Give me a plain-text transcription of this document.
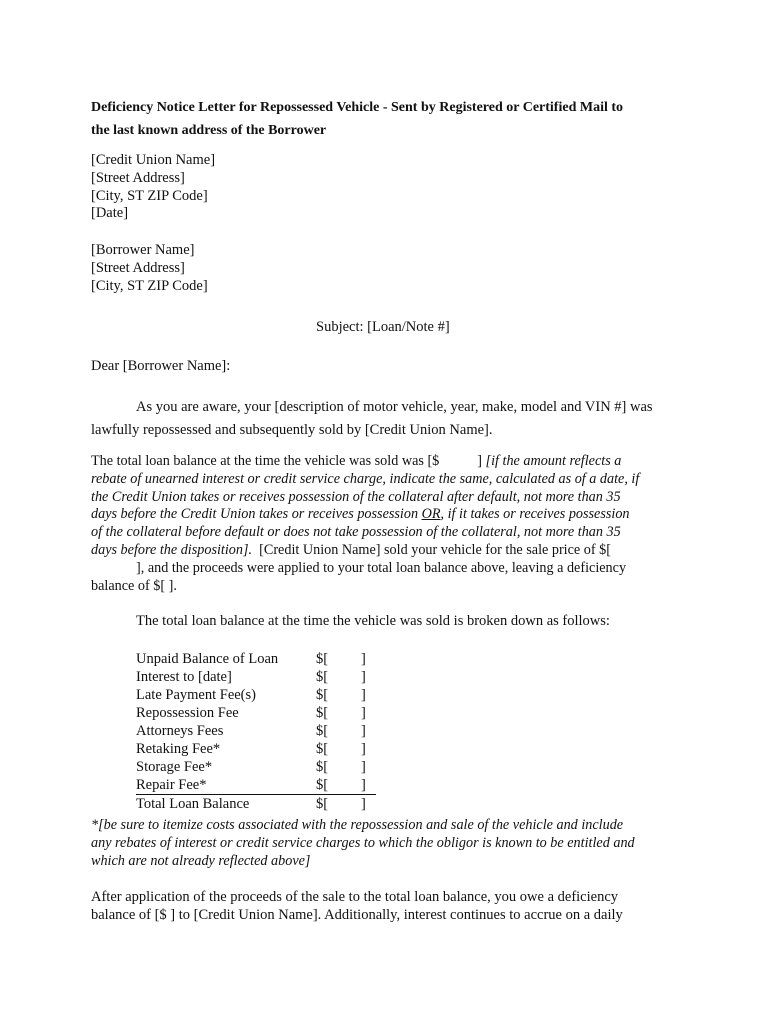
Deficiency Notice Letter for Repossessed Vehicle - Sent by Registered or Certified Mail to
the last known address of the Borrower
[Credit Union Name]
[Street Address]
[City, ST ZIP Code]
[Date]
[Borrower Name]
[Street Address]
[City, ST ZIP Code]
Subject: [Loan/Note #]
Dear [Borrower Name]:
As you are aware, your [description of motor vehicle, year, make, model and VIN #] was
lawfully repossessed and subsequently sold by [Credit Union Name].
The total loan balance at the time the vehicle was sold was [$	] [if the amount reflects a
rebate of unearned interest or credit service charge, indicate the same, calculated as of a date, if
the Credit Union takes or receives possession of the collateral after default, not more than 35
days before the Credit Union takes or receives possession OR, if it takes or receives possession
of the collateral before default or does not take possession of the collateral, not more than 35
days before the disposition]. [Credit Union Name] sold your vehicle for the sale price of $[
], and the proceeds were applied to your total loan balance above, leaving a deficiency
balance of $[ ].
The total loan balance at the time the vehicle was sold is broken down as follows:
Unpaid Balance of Loan	$[ ]
Interest to [date]	$[ ]
Late Payment Fee(s)	$[ ]
Repossession Fee	$[ ]
Attorneys Fees	$[ ]
Retaking Fee*	$[ ]
Storage Fee*	$[ ]
Repair Fee*	$[ ]
Total Loan Balance	$[ ]
*[be sure to itemize costs associated with the repossession and sale of the vehicle and include
any rebates of interest or credit service charges to which the obligor is known to be entitled and
which are not already reflected above]
After application of the proceeds of the sale to the total loan balance, you owe a deficiency
balance of [$ ] to [Credit Union Name]. Additionally, interest continues to accrue on a daily
